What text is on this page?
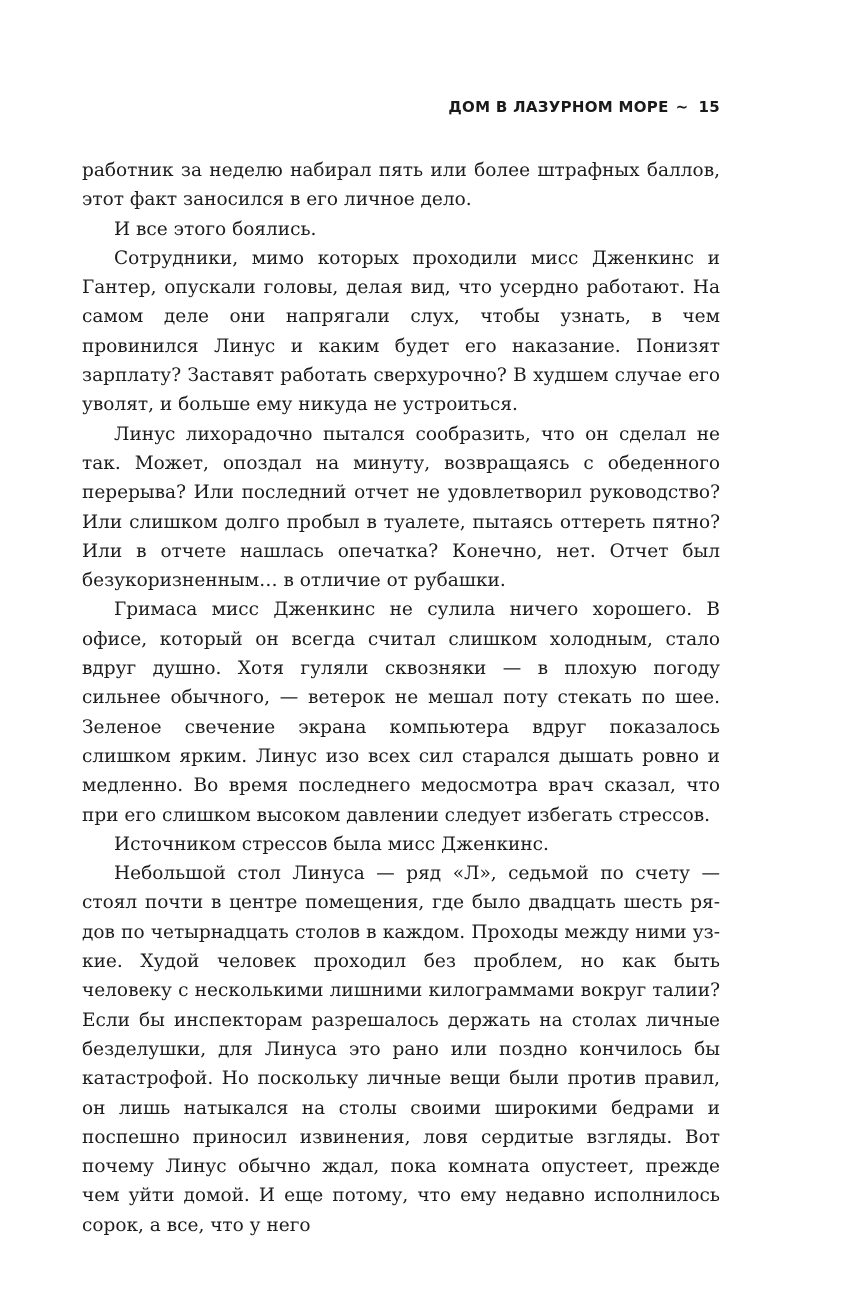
ДОМ В ЛАЗУРНОМ МОРЕ ~ 15

работник за неделю набирал пять или более штрафных баллов, этот факт заносился в его личное дело.

И все этого боялись.

Сотрудники, мимо которых проходили мисс Дженкинс и Гантер, опускали головы, делая вид, что усердно работают. На самом деле они напрягали слух, чтобы узнать, в чем провинился Линус и каким будет его наказание. Понизят зарплату? Заставят работать сверхурочно? В худшем случае его уволят, и больше ему никуда не устроиться.

Линус лихорадочно пытался сообразить, что он сделал не так. Может, опоздал на минуту, возвращаясь с обеденного перерыва? Или последний отчет не удовлетворил руководство? Или слишком долго пробыл в туалете, пытаясь оттереть пятно? Или в отчете нашлась опечатка? Конечно, нет. Отчет был безукоризненным… в отличие от рубашки.

Гримаса мисс Дженкинс не сулила ничего хорошего. В офисе, который он всегда считал слишком холодным, стало вдруг душно. Хотя гуляли сквозняки — в плохую погоду сильнее обычного, — ветерок не мешал поту стекать по шее. Зеленое свечение экрана компьютера вдруг показалось слишком ярким. Линус изо всех сил старался дышать ровно и медленно. Во время последнего медосмотра врач сказал, что при его слишком высоком давлении следует избегать стрессов.

Источником стрессов была мисс Дженкинс.

Небольшой стол Линуса — ряд «Л», седьмой по счету — стоял почти в центре помещения, где было двадцать шесть рядов по четырнадцать столов в каждом. Проходы между ними узкие. Худой человек проходил без проблем, но как быть человеку с несколькими лишними килограммами вокруг талии? Если бы инспекторам разрешалось держать на столах личные безделушки, для Линуса это рано или поздно кончилось бы катастрофой. Но поскольку личные вещи были против правил, он лишь натыкался на столы своими широкими бедрами и поспешно приносил извинения, ловя сердитые взгляды. Вот почему Линус обычно ждал, пока комната опустеет, прежде чем уйти домой. И еще потому, что ему недавно исполнилось сорок, а все, что у него
